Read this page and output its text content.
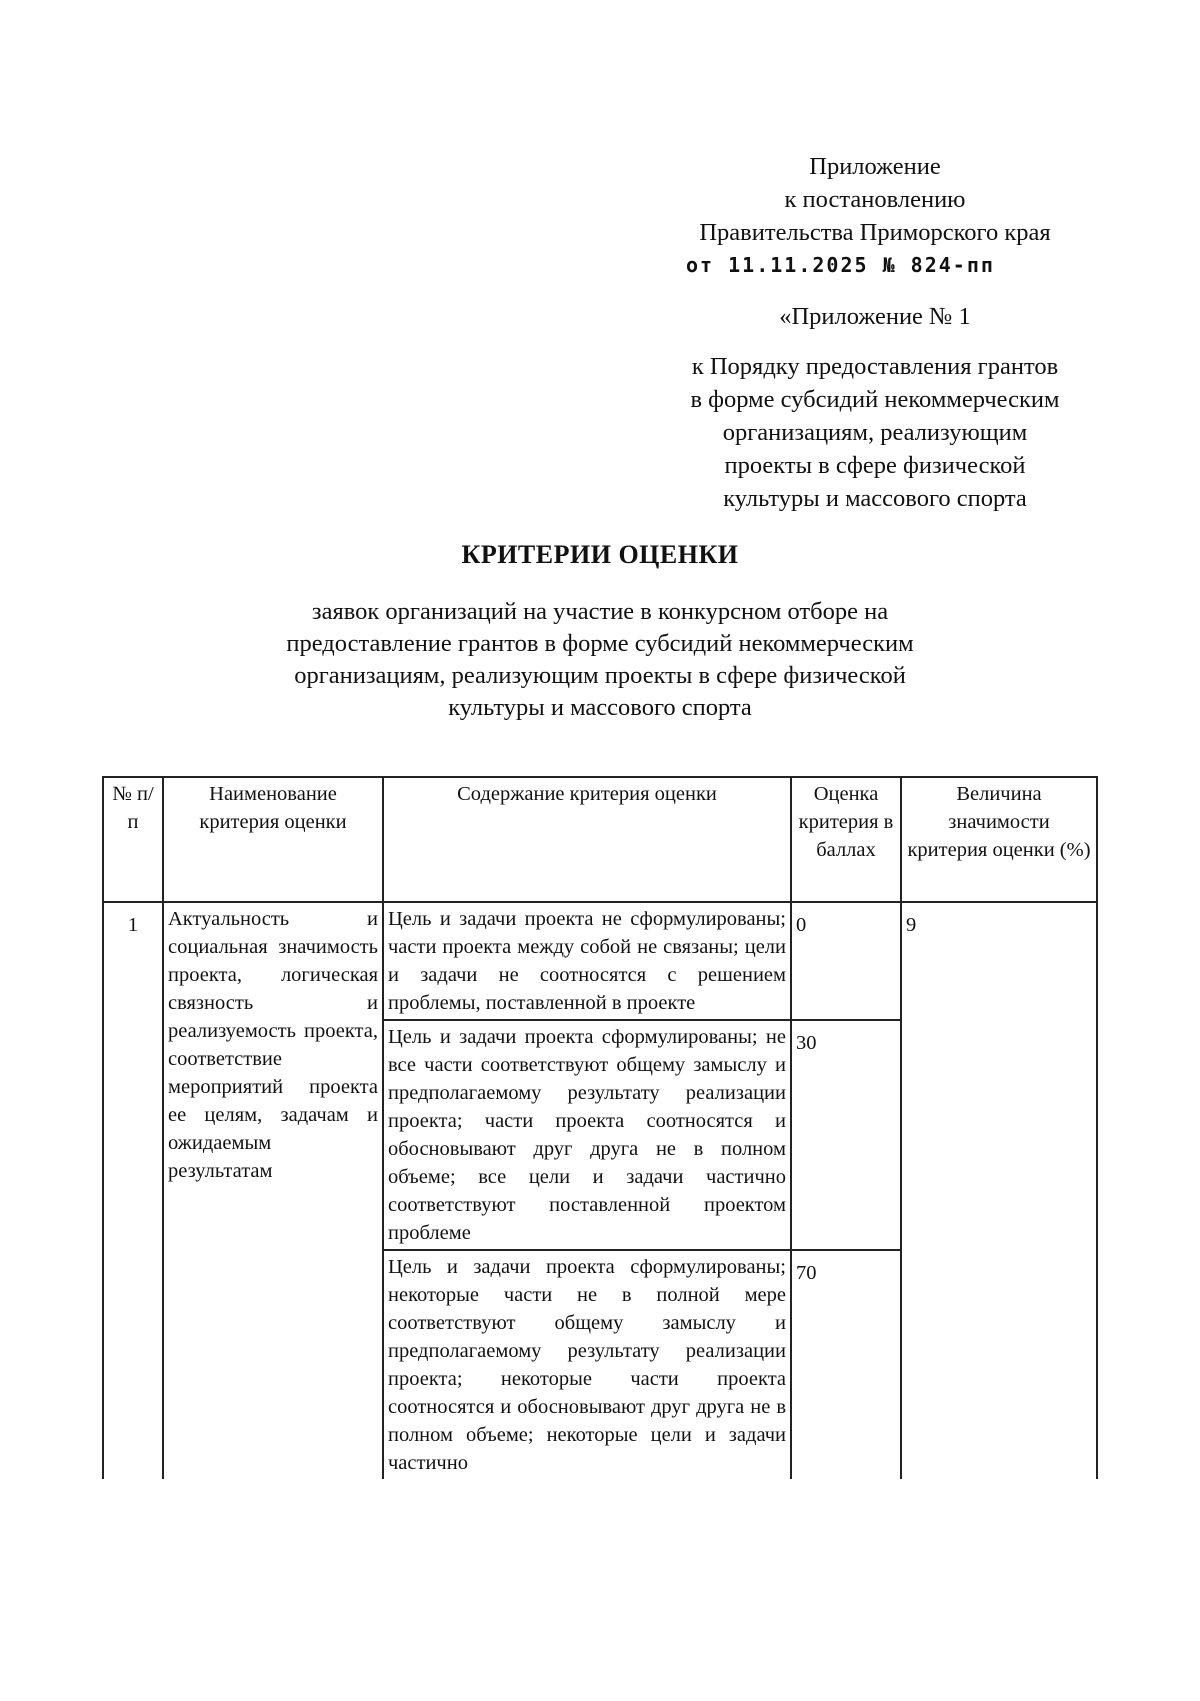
Приложение
к постановлению
Правительства Приморского края
от 11.11.2025 № 824-пп
«Приложение № 1
к Порядку предоставления грантов
в форме субсидий некоммерческим
организациям, реализующим
проекты в сфере физической
культуры и массового спорта
КРИТЕРИИ ОЦЕНКИ
заявок организаций на участие в конкурсном отборе на
предоставление грантов в форме субсидий некоммерческим
организациям, реализующим проекты в сфере физической
культуры и массового спорта
№ п/п	Наименование критерия оценки	Содержание критерия оценки	Оценка критерия в баллах	Величина значимости критерия оценки (%)
1	Актуальность и социальная значимость проекта, логическая связность и реализуемость проекта, соответствие мероприятий проекта ее целям, задачам и ожидаемым результатам	Цель и задачи проекта не сформулированы; части проекта между собой не связаны; цели и задачи не соотносятся с решением проблемы, поставленной в проекте	0	9
		Цель и задачи проекта сформулированы; не все части соответствуют общему замыслу и предполагаемому результату реализации проекта; части проекта соотносятся и обосновывают друг друга не в полном объеме; все цели и задачи частично соответствуют поставленной проектом проблеме	30	
		Цель и задачи проекта сформулированы; некоторые части не в полной мере соответствуют общему замыслу и предполагаемому результату реализации проекта; некоторые части проекта соотносятся и обосновывают друг друга не в полном объеме; некоторые цели и задачи частично	70	
